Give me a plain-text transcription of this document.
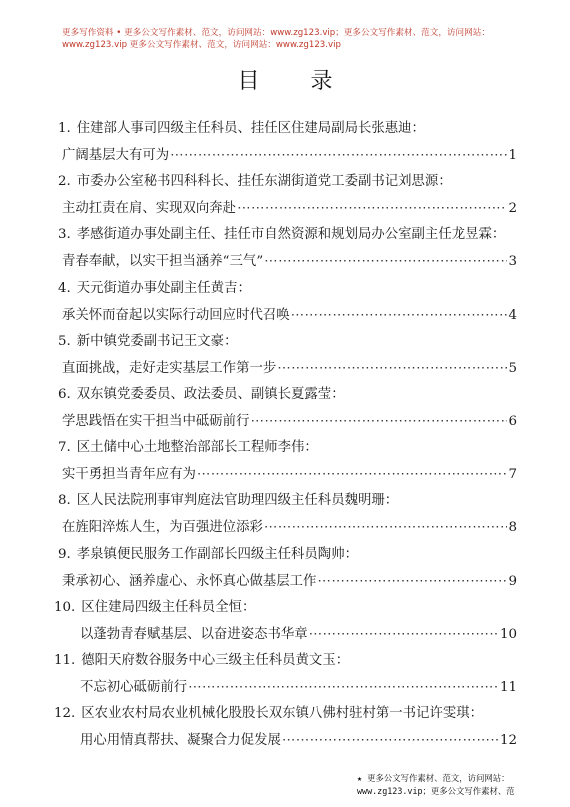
更多写作资料 • 更多公文写作素材、范文，访问网站：www.zg123.vip；更多公文写作素材、范文，访问网站：
www.zg123.vip 更多公文写作素材、范文，访问网站：www.zg123.vip
目 录
1. 住建部人事司四级主任科员、挂任区住建局副局长张惠迪：
广阔基层大有可为 ⋯⋯⋯⋯⋯⋯⋯⋯⋯⋯⋯⋯⋯⋯⋯⋯⋯⋯⋯⋯⋯⋯⋯⋯⋯⋯⋯⋯⋯⋯⋯⋯⋯⋯⋯⋯⋯⋯⋯⋯⋯⋯⋯⋯	1
2. 市委办公室秘书四科科长、挂任东湖街道党工委副书记刘思源：
主动扛责在肩、实现双向奔赴 ⋯⋯⋯⋯⋯⋯⋯⋯⋯⋯⋯⋯⋯⋯⋯⋯⋯⋯⋯⋯⋯⋯⋯⋯⋯⋯⋯⋯⋯⋯⋯⋯⋯⋯⋯⋯⋯⋯⋯⋯⋯⋯⋯⋯	2
3. 孝感街道办事处副主任、挂任市自然资源和规划局办公室副主任龙昱霖：
青春奉献，以实干担当涵养“三气” ⋯⋯⋯⋯⋯⋯⋯⋯⋯⋯⋯⋯⋯⋯⋯⋯⋯⋯⋯⋯⋯⋯⋯⋯⋯⋯⋯⋯⋯⋯⋯⋯⋯⋯⋯⋯⋯⋯⋯⋯⋯⋯⋯⋯	3
4. 天元街道办事处副主任黄吉：
承关怀而奋起以实际行动回应时代召唤 ⋯⋯⋯⋯⋯⋯⋯⋯⋯⋯⋯⋯⋯⋯⋯⋯⋯⋯⋯⋯⋯⋯⋯⋯⋯⋯⋯⋯⋯⋯⋯⋯⋯⋯⋯⋯⋯⋯⋯⋯⋯⋯⋯⋯	4
5. 新中镇党委副书记王文豪：
直面挑战，走好走实基层工作第一步 ⋯⋯⋯⋯⋯⋯⋯⋯⋯⋯⋯⋯⋯⋯⋯⋯⋯⋯⋯⋯⋯⋯⋯⋯⋯⋯⋯⋯⋯⋯⋯⋯⋯⋯⋯⋯⋯⋯⋯⋯⋯⋯⋯⋯	5
6. 双东镇党委委员、政法委员、副镇长夏露莹：
学思践悟在实干担当中砥砺前行 ⋯⋯⋯⋯⋯⋯⋯⋯⋯⋯⋯⋯⋯⋯⋯⋯⋯⋯⋯⋯⋯⋯⋯⋯⋯⋯⋯⋯⋯⋯⋯⋯⋯⋯⋯⋯⋯⋯⋯⋯⋯⋯⋯⋯	6
7. 区土储中心土地整治部部长工程师李伟：
实干勇担当青年应有为 ⋯⋯⋯⋯⋯⋯⋯⋯⋯⋯⋯⋯⋯⋯⋯⋯⋯⋯⋯⋯⋯⋯⋯⋯⋯⋯⋯⋯⋯⋯⋯⋯⋯⋯⋯⋯⋯⋯⋯⋯⋯⋯⋯⋯	7
8. 区人民法院刑事审判庭法官助理四级主任科员魏明珊：
在旌阳淬炼人生，为百强进位添彩 ⋯⋯⋯⋯⋯⋯⋯⋯⋯⋯⋯⋯⋯⋯⋯⋯⋯⋯⋯⋯⋯⋯⋯⋯⋯⋯⋯⋯⋯⋯⋯⋯⋯⋯⋯⋯⋯⋯⋯⋯⋯⋯⋯⋯	8
9. 孝泉镇便民服务工作副部长四级主任科员陶帅：
秉承初心、涵养虚心、永怀真心做基层工作 ⋯⋯⋯⋯⋯⋯⋯⋯⋯⋯⋯⋯⋯⋯⋯⋯⋯⋯⋯⋯⋯⋯⋯⋯⋯⋯⋯⋯⋯⋯⋯⋯⋯⋯⋯⋯⋯⋯⋯⋯⋯⋯⋯⋯	9
10. 区住建局四级主任科员全恒：
以蓬勃青春赋基层、以奋进姿态书华章 ⋯⋯⋯⋯⋯⋯⋯⋯⋯⋯⋯⋯⋯⋯⋯⋯⋯⋯⋯⋯⋯⋯⋯⋯⋯⋯⋯⋯⋯⋯⋯⋯⋯⋯⋯⋯⋯⋯⋯⋯⋯⋯⋯⋯	10
11. 德阳天府数谷服务中心三级主任科员黄文玉：
不忘初心砥砺前行 ⋯⋯⋯⋯⋯⋯⋯⋯⋯⋯⋯⋯⋯⋯⋯⋯⋯⋯⋯⋯⋯⋯⋯⋯⋯⋯⋯⋯⋯⋯⋯⋯⋯⋯⋯⋯⋯⋯⋯⋯⋯⋯⋯⋯	11
12. 区农业农村局农业机械化股股长双东镇八佛村驻村第一书记许雯琪：
用心用情真帮扶、凝聚合力促发展 ⋯⋯⋯⋯⋯⋯⋯⋯⋯⋯⋯⋯⋯⋯⋯⋯⋯⋯⋯⋯⋯⋯⋯⋯⋯⋯⋯⋯⋯⋯⋯⋯⋯⋯⋯⋯⋯⋯⋯⋯⋯⋯⋯⋯	12
★ 更多公文写作素材、范文，访问网站：
www.zg123.vip；更多公文写作素材、范
